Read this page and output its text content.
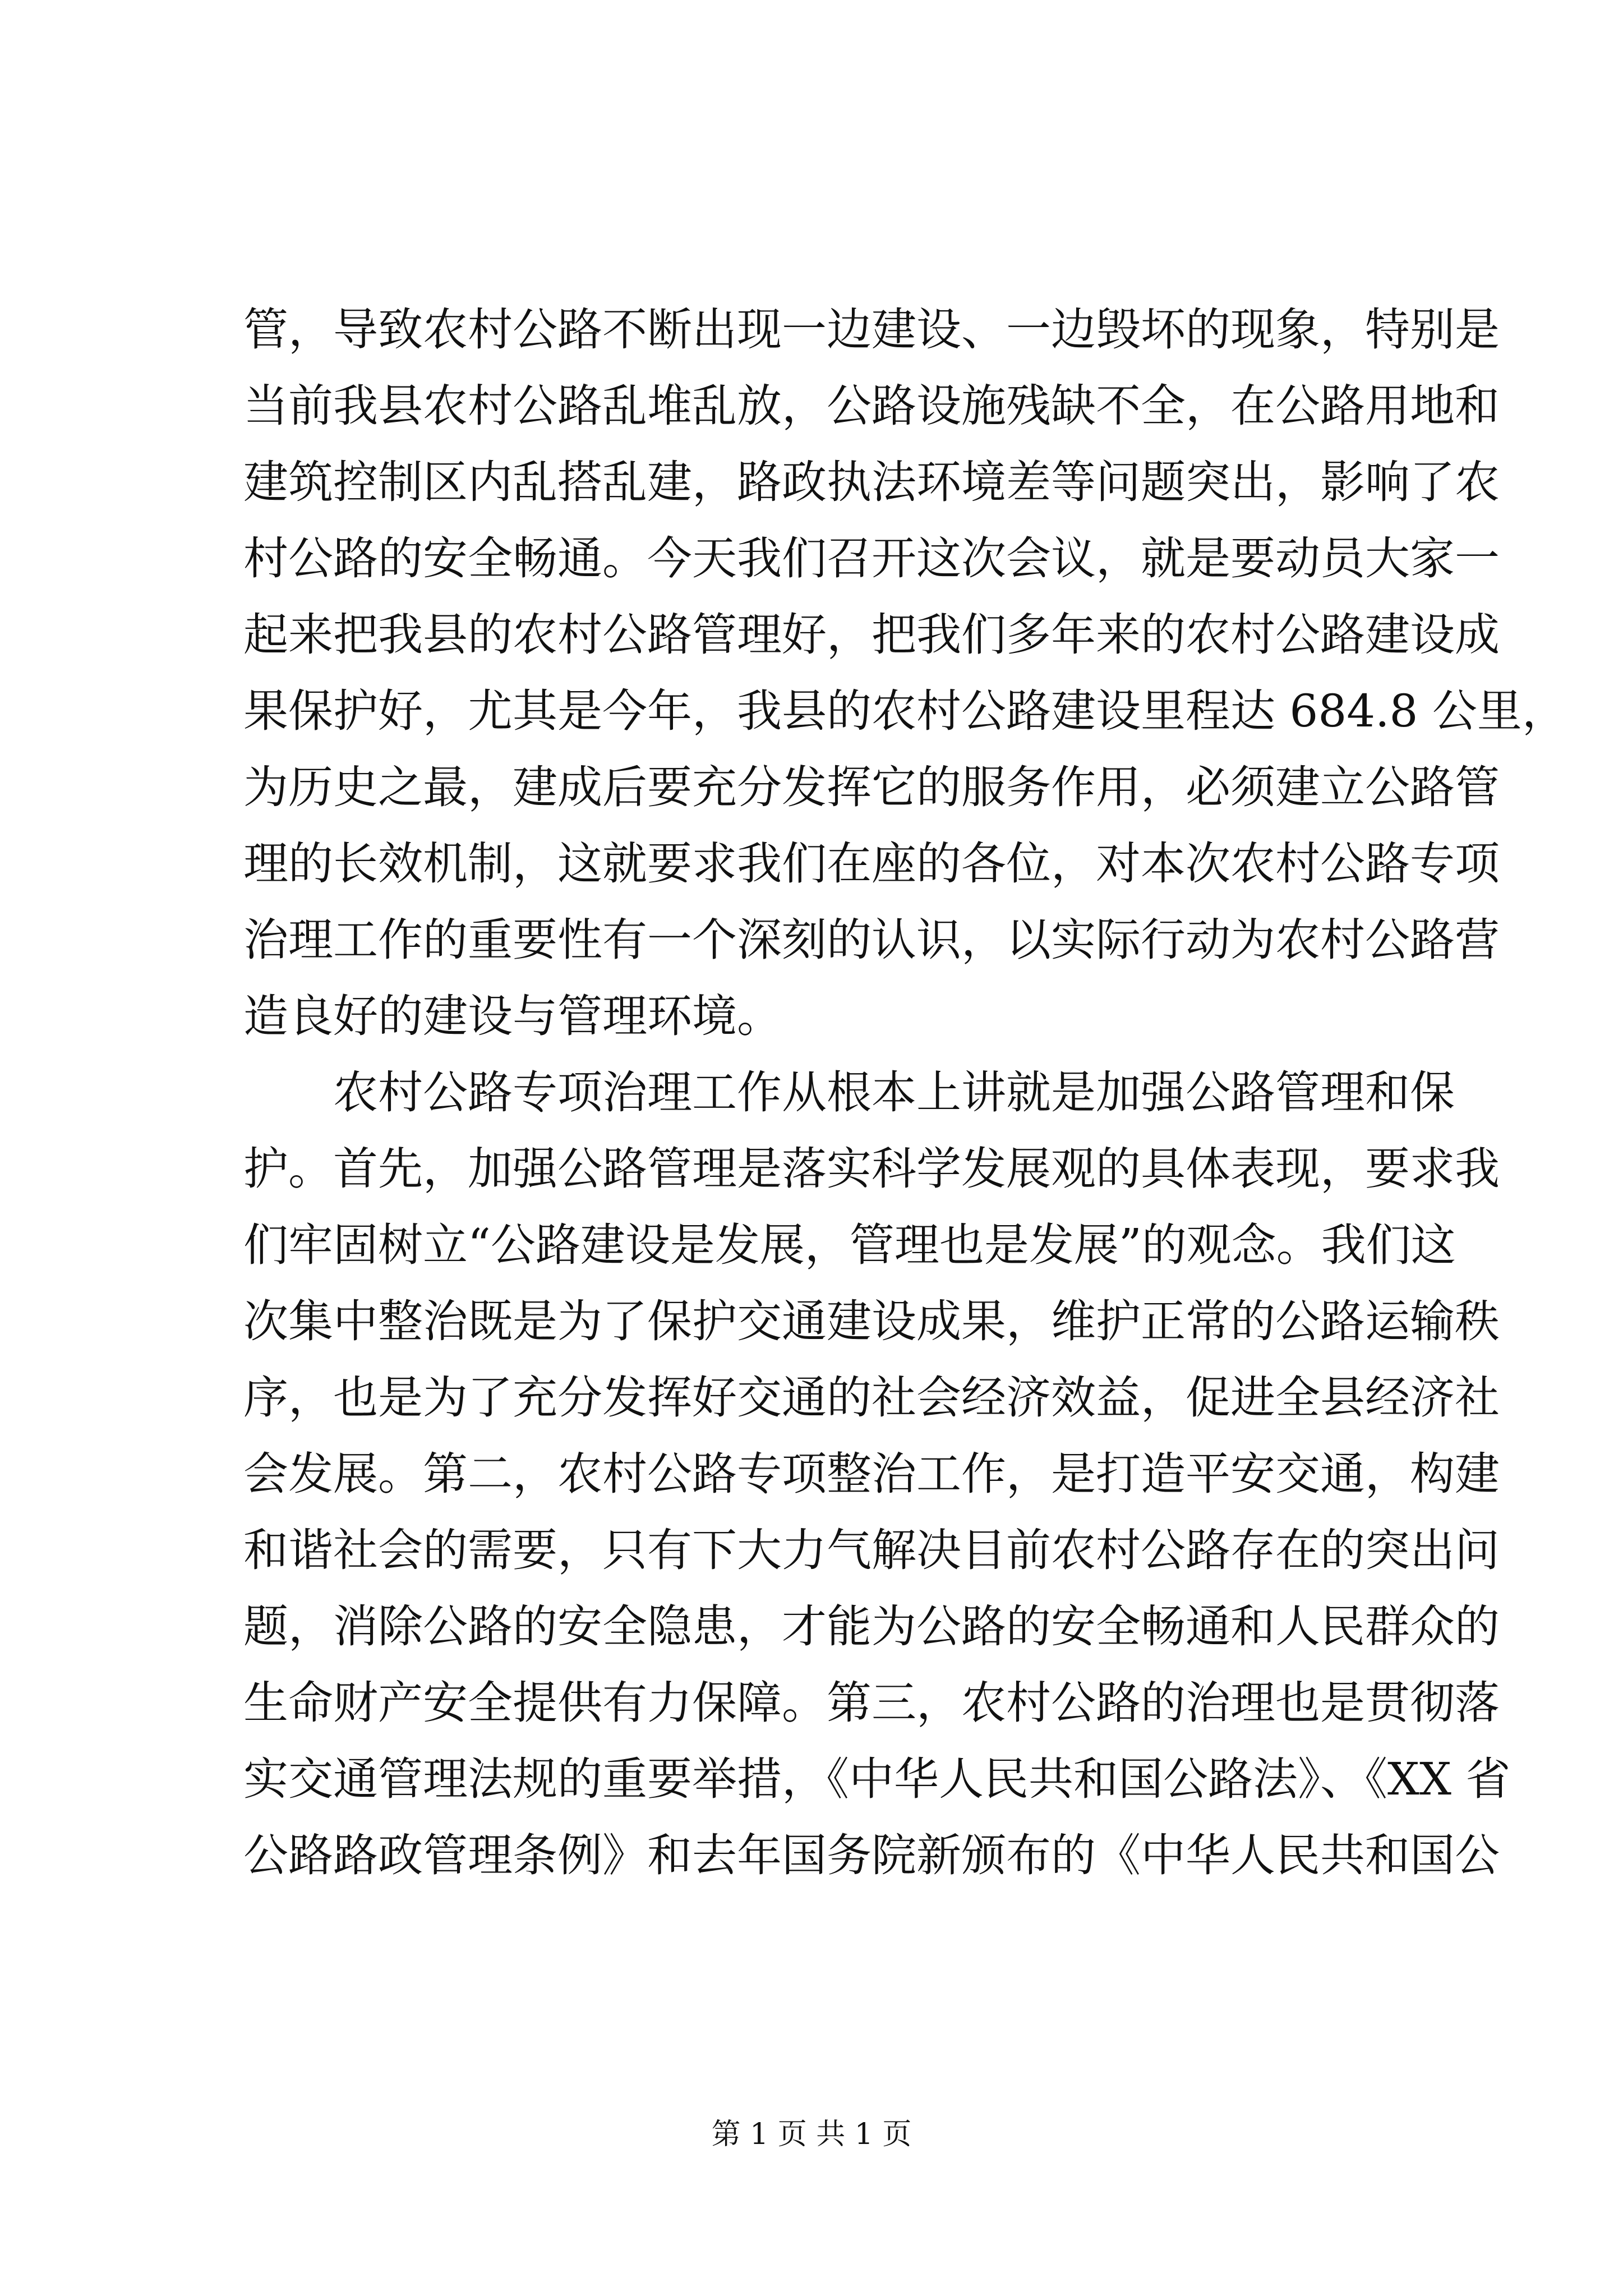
管，导致农村公路不断出现一边建设、一边毁坏的现象，特别是
当前我县农村公路乱堆乱放，公路设施残缺不全，在公路用地和
建筑控制区内乱搭乱建，路政执法环境差等问题突出，影响了农
村公路的安全畅通。今天我们召开这次会议，就是要动员大家一
起来把我县的农村公路管理好，把我们多年来的农村公路建设成
果保护好，尤其是今年，我县的农村公路建设里程达 684.8 公里，
为历史之最，建成后要充分发挥它的服务作用，必须建立公路管
理的长效机制，这就要求我们在座的各位，对本次农村公路专项
治理工作的重要性有一个深刻的认识，以实际行动为农村公路营
造良好的建设与管理环境。

农村公路专项治理工作从根本上讲就是加强公路管理和保
护。首先，加强公路管理是落实科学发展观的具体表现，要求我
们牢固树立“公路建设是发展，管理也是发展”的观念。我们这
次集中整治既是为了保护交通建设成果，维护正常的公路运输秩
序，也是为了充分发挥好交通的社会经济效益，促进全县经济社
会发展。第二，农村公路专项整治工作，是打造平安交通，构建
和谐社会的需要，只有下大力气解决目前农村公路存在的突出问
题，消除公路的安全隐患，才能为公路的安全畅通和人民群众的
生命财产安全提供有力保障。第三，农村公路的治理也是贯彻落
实交通管理法规的重要举措，《中华人民共和国公路法》、《XX 省
公路路政管理条例》和去年国务院新颁布的《中华人民共和国公

第 1 页 共 1 页
